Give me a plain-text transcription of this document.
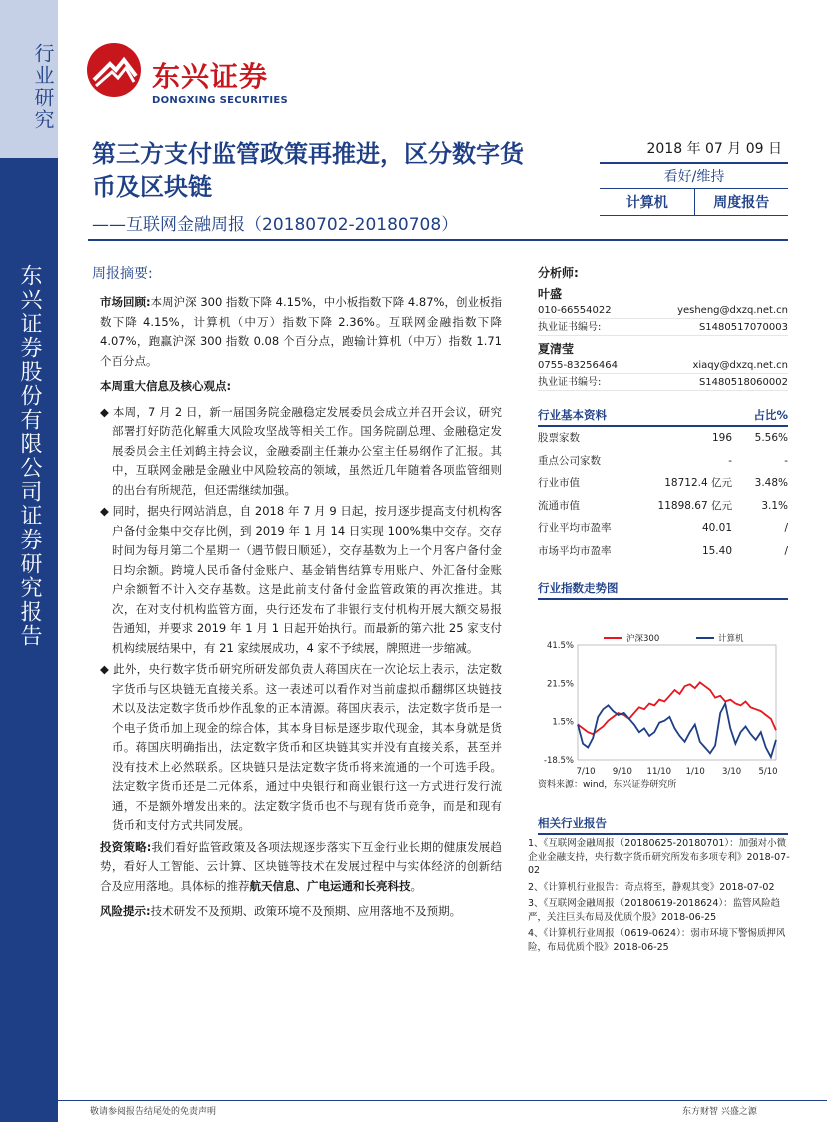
行业研究
东兴证券股份有限公司证券研究报告
东兴证券
DONGXING SECURITIES
第三方支付监管政策再推进，区分数字货币及区块链
——互联网金融周报（20180702-20180708）
2018 年 07 月 09 日
看好/维持
计算机	周度报告
周报摘要:

市场回顾:本周沪深 300 指数下降 4.15%，中小板指数下降 4.87%，创业板指数下降 4.15%，计算机（中万）指数下降 2.36%。互联网金融指数下降 4.07%，跑赢沪深 300 指数 0.08 个百分点，跑输计算机（中万）指数 1.71 个百分点。

本周重大信息及核心观点:

◆ 本周，7 月 2 日，新一届国务院金融稳定发展委员会成立并召开会议，研究部署打好防范化解重大风险攻坚战等相关工作。国务院副总理、金融稳定发展委员会主任刘鹤主持会议，金融委副主任兼办公室主任易纲作了汇报。其中，互联网金融是金融业中风险较高的领域，虽然近几年随着各项监管细则的出台有所规范，但还需继续加强。

◆ 同时，据央行网站消息，自 2018 年 7 月 9 日起，按月逐步提高支付机构客户备付金集中交存比例，到 2019 年 1 月 14 日实现 100%集中交存。交存时间为每月第二个星期一（遇节假日顺延），交存基数为上一个月客户备付金日均余额。跨境人民币备付金账户、基金销售结算专用账户、外汇备付金账户余额暂不计入交存基数。这是此前支付备付金监管政策的再次推进。其次，在对支付机构监管方面，央行还发布了非银行支付机构开展大额交易报告通知，并要求 2019 年 1 月 1 日起开始执行。而最新的第六批 25 家支付机构续展结果中，有 21 家续展成功，4 家不予续展，牌照进一步缩减。

◆ 此外，央行数字货币研究所研发部负责人蒋国庆在一次论坛上表示，法定数字货币与区块链无直接关系。这一表述可以看作对当前虚拟币翻绑区块链技术以及法定数字货币炒作乱象的正本清源。蒋国庆表示，法定数字货币是一个电子货币加上现金的综合体，其本身目标是逐步取代现金，其本身就是货币。蒋国庆明确指出，法定数字货币和区块链其实并没有直接关系，甚至并没有技术上必然联系。区块链只是法定数字货币将来流通的一个可选手段。法定数字货币还是二元体系，通过中央银行和商业银行这一方式进行发行流通，不是额外增发出来的。法定数字货币也不与现有货币竞争，而是和现有货币和支付方式共同发展。

投资策略:我们看好监管政策及各项法规逐步落实下互金行业长期的健康发展趋势，看好人工智能、云计算、区块链等技术在发展过程中与实体经济的创新结合及应用落地。具体标的推荐航天信息、广电运通和长亮科技。

风险提示:技术研发不及预期、政策环境不及预期、应用落地不及预期。

分析师:
叶盛
010-66554022	yesheng@dxzq.net.cn
执业证书编号:	S1480517070003
夏清莹
0755-83256464	xiaqy@dxzq.net.cn
执业证书编号:	S1480518060002
行业基本资料	占比%
股票家数	196	5.56%
重点公司家数	-	-
行业市值	18712.4 亿元	3.48%
流通市值	11898.67 亿元	3.1%
行业平均市盈率	40.01	/
市场平均市盈率	15.40	/
行业指数走势图
41.5%
21.5%
1.5%
-18.5%
7/10 9/10 11/10 1/10 3/10 5/10
沪深300	计算机
资料来源：wind，东兴证券研究所
相关行业报告
1、《互联网金融周报（20180625-20180701）：加强对小微企业金融支持，央行数字货币研究所发布多项专利》2018-07-02
2、《计算机行业报告：奇点将至，静观其变》2018-07-02
3、《互联网金融周报（20180619-2018624）：监管风险趋严，关注巨头布局及优质个股》2018-06-25
4、《计算机行业周报（0619-0624）：弱市环境下警惕质押风险，布局优质个股》2018-06-25
敬请参阅报告结尾处的免责声明	东方财智 兴盛之源
